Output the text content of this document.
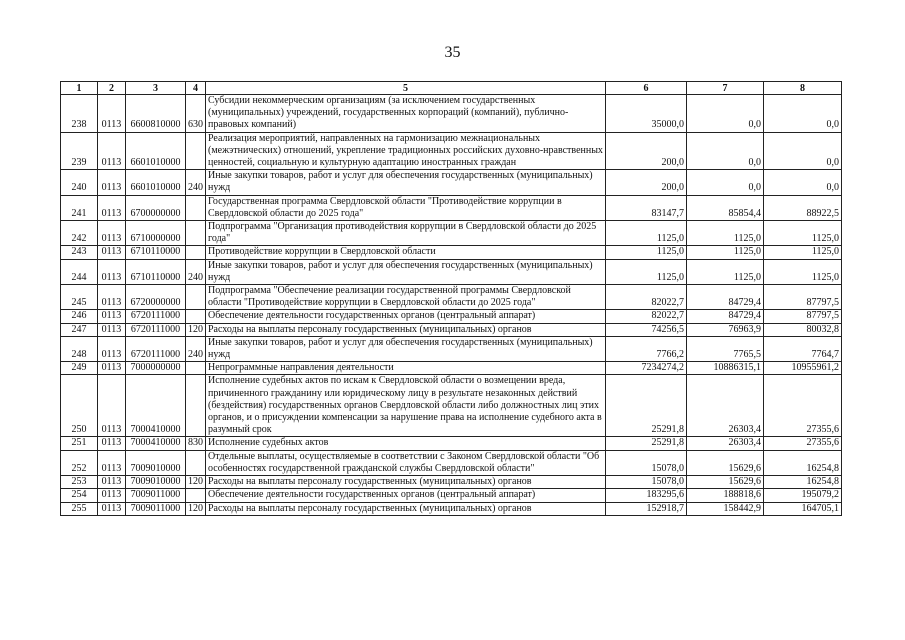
35
1	2	3	4	5	6	7	8
238	0113	6600810000	630	Субсидии некоммерческим организациям (за исключением государственных (муниципальных) учреждений, государственных корпораций (компаний), публично-правовых компаний)	35000,0	0,0	0,0
239	0113	6601010000		Реализация мероприятий, направленных на гармонизацию межнациональных (межэтнических) отношений, укрепление традиционных российских духовно-нравственных ценностей, социальную и культурную адаптацию иностранных граждан	200,0	0,0	0,0
240	0113	6601010000	240	Иные закупки товаров, работ и услуг для обеспечения государственных (муниципальных) нужд	200,0	0,0	0,0
241	0113	6700000000		Государственная программа Свердловской области "Противодействие коррупции в Свердловской области до 2025 года"	83147,7	85854,4	88922,5
242	0113	6710000000		Подпрограмма "Организация противодействия коррупции в Свердловской области до 2025 года"	1125,0	1125,0	1125,0
243	0113	6710110000		Противодействие коррупции в Свердловской области	1125,0	1125,0	1125,0
244	0113	6710110000	240	Иные закупки товаров, работ и услуг для обеспечения государственных (муниципальных) нужд	1125,0	1125,0	1125,0
245	0113	6720000000		Подпрограмма "Обеспечение реализации государственной программы Свердловской области "Противодействие коррупции в Свердловской области до 2025 года"	82022,7	84729,4	87797,5
246	0113	6720111000		Обеспечение деятельности государственных органов (центральный аппарат)	82022,7	84729,4	87797,5
247	0113	6720111000	120	Расходы на выплаты персоналу государственных (муниципальных) органов	74256,5	76963,9	80032,8
248	0113	6720111000	240	Иные закупки товаров, работ и услуг для обеспечения государственных (муниципальных) нужд	7766,2	7765,5	7764,7
249	0113	7000000000		Непрограммные направления деятельности	7234274,2	10886315,1	10955961,2
250	0113	7000410000		Исполнение судебных актов по искам к Свердловской области о возмещении вреда, причиненного гражданину или юридическому лицу в результате незаконных действий (бездействия) государственных органов Свердловской области либо должностных лиц этих органов, и о присуждении компенсации за нарушение права на исполнение судебного акта в разумный срок	25291,8	26303,4	27355,6
251	0113	7000410000	830	Исполнение судебных актов	25291,8	26303,4	27355,6
252	0113	7009010000		Отдельные выплаты, осуществляемые в соответствии с Законом Свердловской области "Об особенностях государственной гражданской службы Свердловской области"	15078,0	15629,6	16254,8
253	0113	7009010000	120	Расходы на выплаты персоналу государственных (муниципальных) органов	15078,0	15629,6	16254,8
254	0113	7009011000		Обеспечение деятельности государственных органов (центральный аппарат)	183295,6	188818,6	195079,2
255	0113	7009011000	120	Расходы на выплаты персоналу государственных (муниципальных) органов	152918,7	158442,9	164705,1
